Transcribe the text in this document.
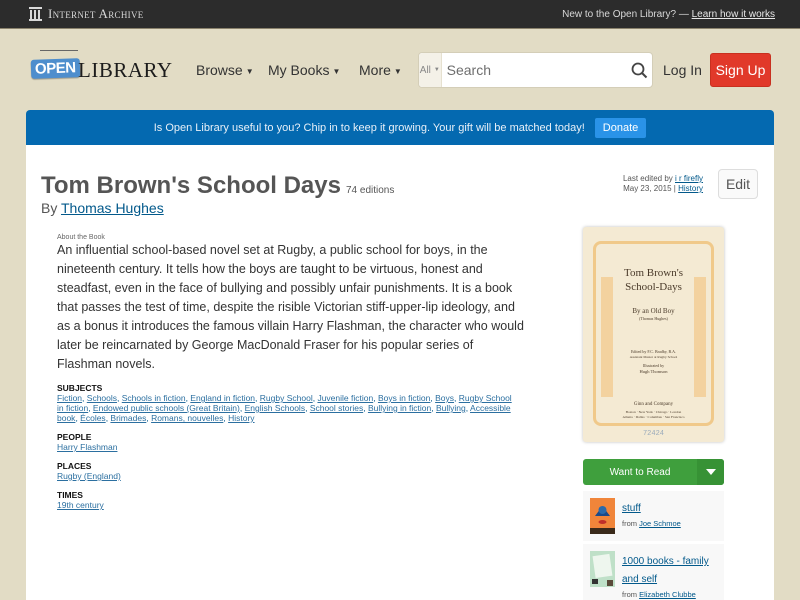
Internet Archive	New to the Open Library? — Learn how it works
OPEN LIBRARY Browse ▼ My Books ▼ More ▼ All ▼
Search	Log In Sign Up
Is Open Library useful to you? Chip in to keep it growing. Your gift will be matched today!	Donate
Tom Brown's School Days 74 editions
By Thomas Hughes
Last edited by i r firefly
May 23, 2015 | History	Edit
About the Book

An influential school-based novel set at Rugby, a public school for boys, in the nineteenth century. It tells how the boys are taught to be virtuous, honest and steadfast, even in the face of bullying and possibly unfair punishments. It is a book that passes the test of time, despite the risible Victorian stiff-upper-lip ideology, and as a bonus it introduces the famous villain Harry Flashman, the character who would later be reincarnated by George MacDonald Fraser for his popular series of Flashman novels.

SUBJECTS
Fiction, Schools, Schools in fiction, England in fiction, Rugby School, Juvenile fiction, Boys in fiction, Boys, Rugby School in fiction, Endowed public schools (Great Britain), English Schools, School stories, Bullying in fiction, Bullying, Accessible book, Écoles, Brimades, Romans, nouvelles, History
PEOPLE
Harry Flashman
PLACES
Rugby (England)
TIMES
19th century
Tom Brown's
School-Days
By an Old Boy
(Thomas Hughes)
Edited by F.C. Bradby, B.A.
Assistant Master at Rugby School
Illustrated by
Hugh Thomson
Ginn and Company
Boston · New York · Chicago · London
Atlanta · Dallas · Columbus · San Francisco
72424
Want to Read
stuff
from Joe Schmoe
1000 books - family and self
from Elizabeth Clubbe
